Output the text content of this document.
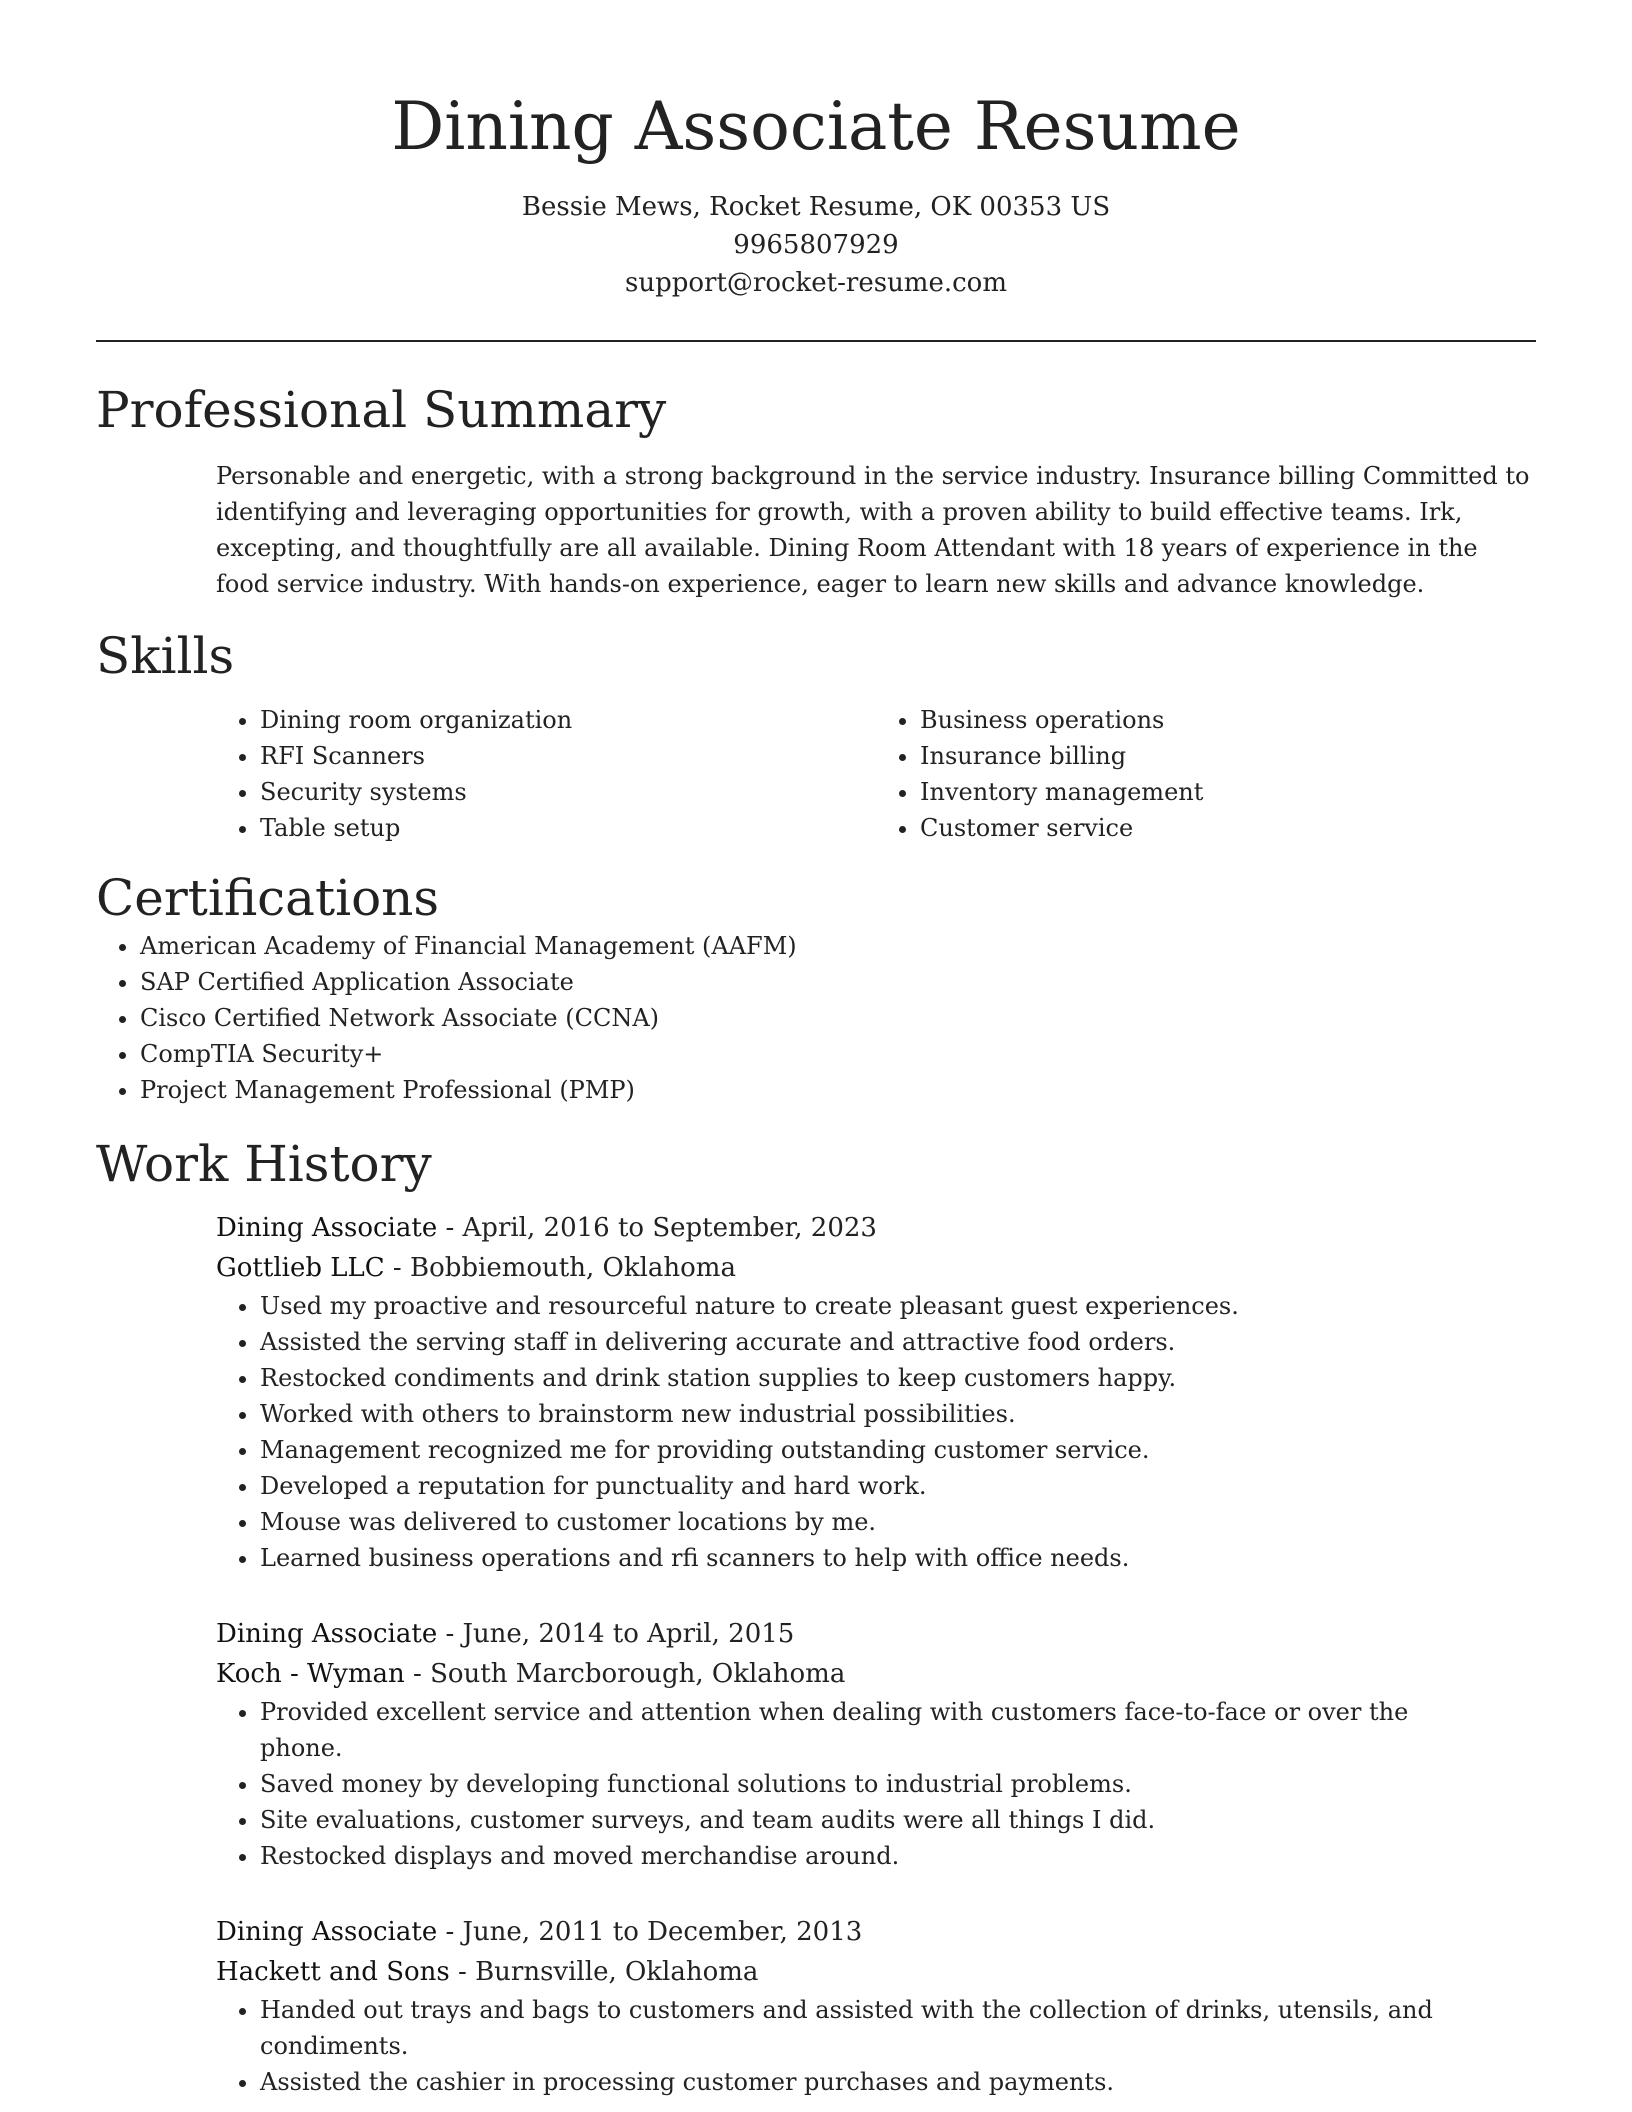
Dining Associate Resume
Bessie Mews, Rocket Resume, OK 00353 US
9965807929
support@rocket-resume.com
Professional Summary

Personable and energetic, with a strong background in the service industry. Insurance billing Committed to identifying and leveraging opportunities for growth, with a proven ability to build effective teams. Irk, excepting, and thoughtfully are all available. Dining Room Attendant with 18 years of experience in the food service industry. With hands-on experience, eager to learn new skills and advance knowledge.

Skills
• Dining room organization
• RFI Scanners
• Security systems
• Table setup
• Business operations
• Insurance billing
• Inventory management
• Customer service
Certifications
• American Academy of Financial Management (AAFM)
• SAP Certified Application Associate
• Cisco Certified Network Associate (CCNA)
• CompTIA Security+
• Project Management Professional (PMP)
Work History
Dining Associate - April, 2016 to September, 2023
Gottlieb LLC - Bobbiemouth, Oklahoma
• Used my proactive and resourceful nature to create pleasant guest experiences.
• Assisted the serving staff in delivering accurate and attractive food orders.
• Restocked condiments and drink station supplies to keep customers happy.
• Worked with others to brainstorm new industrial possibilities.
• Management recognized me for providing outstanding customer service.
• Developed a reputation for punctuality and hard work.
• Mouse was delivered to customer locations by me.
• Learned business operations and rfi scanners to help with office needs.
Dining Associate - June, 2014 to April, 2015
Koch - Wyman - South Marcborough, Oklahoma
• Provided excellent service and attention when dealing with customers face-to-face or over the phone.
• Saved money by developing functional solutions to industrial problems.
• Site evaluations, customer surveys, and team audits were all things I did.
• Restocked displays and moved merchandise around.
Dining Associate - June, 2011 to December, 2013
Hackett and Sons - Burnsville, Oklahoma
• Handed out trays and bags to customers and assisted with the collection of drinks, utensils, and condiments.
• Assisted the cashier in processing customer purchases and payments.
